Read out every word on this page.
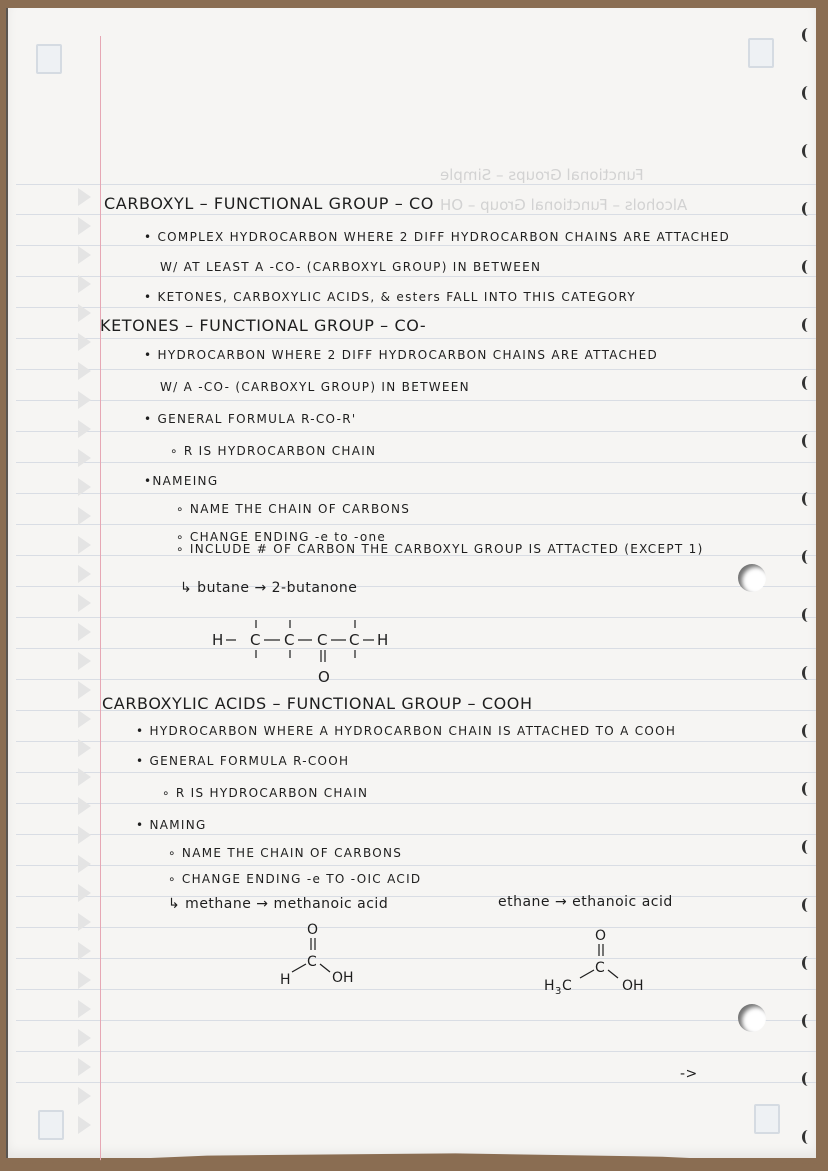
Functional Groups – Simple
Alcohols – Functional Group – OH
CARBOXYL – FUNCTIONAL GROUP – CO
• COMPLEX HYDROCARBON WHERE 2 DIFF HYDROCARBON CHAINS ARE ATTACHED
W/ AT LEAST A -CO- (CARBOXYL GROUP) IN BETWEEN
• KETONES, CARBOXYLIC ACIDS, & esters FALL INTO THIS CATEGORY
KETONES – FUNCTIONAL GROUP – CO-
• HYDROCARBON WHERE 2 DIFF HYDROCARBON CHAINS ARE ATTACHED
W/ A -CO- (CARBOXYL GROUP) IN BETWEEN
• GENERAL FORMULA R-CO-R'
∘ R IS HYDROCARBON CHAIN
•NAMEING
∘ NAME THE CHAIN OF CARBONS
∘ CHANGE ENDING -e to -one
∘ INCLUDE # OF CARBON THE CARBOXYL GROUP IS ATTACTED (EXCEPT 1)
↳ butane → 2-butanone
H C C C C H
O
CARBOXYLIC ACIDS – FUNCTIONAL GROUP – COOH
• HYDROCARBON WHERE A HYDROCARBON CHAIN IS ATTACHED TO A COOH
• GENERAL FORMULA R-COOH
∘ R IS HYDROCARBON CHAIN
• NAMING
∘ NAME THE CHAIN OF CARBONS
∘ CHANGE ENDING -e TO -OIC ACID
↳ methane → methanoic acid	ethane → ethanoic acid
O
C
H	OH
O
C
H 3 C	OH
->
